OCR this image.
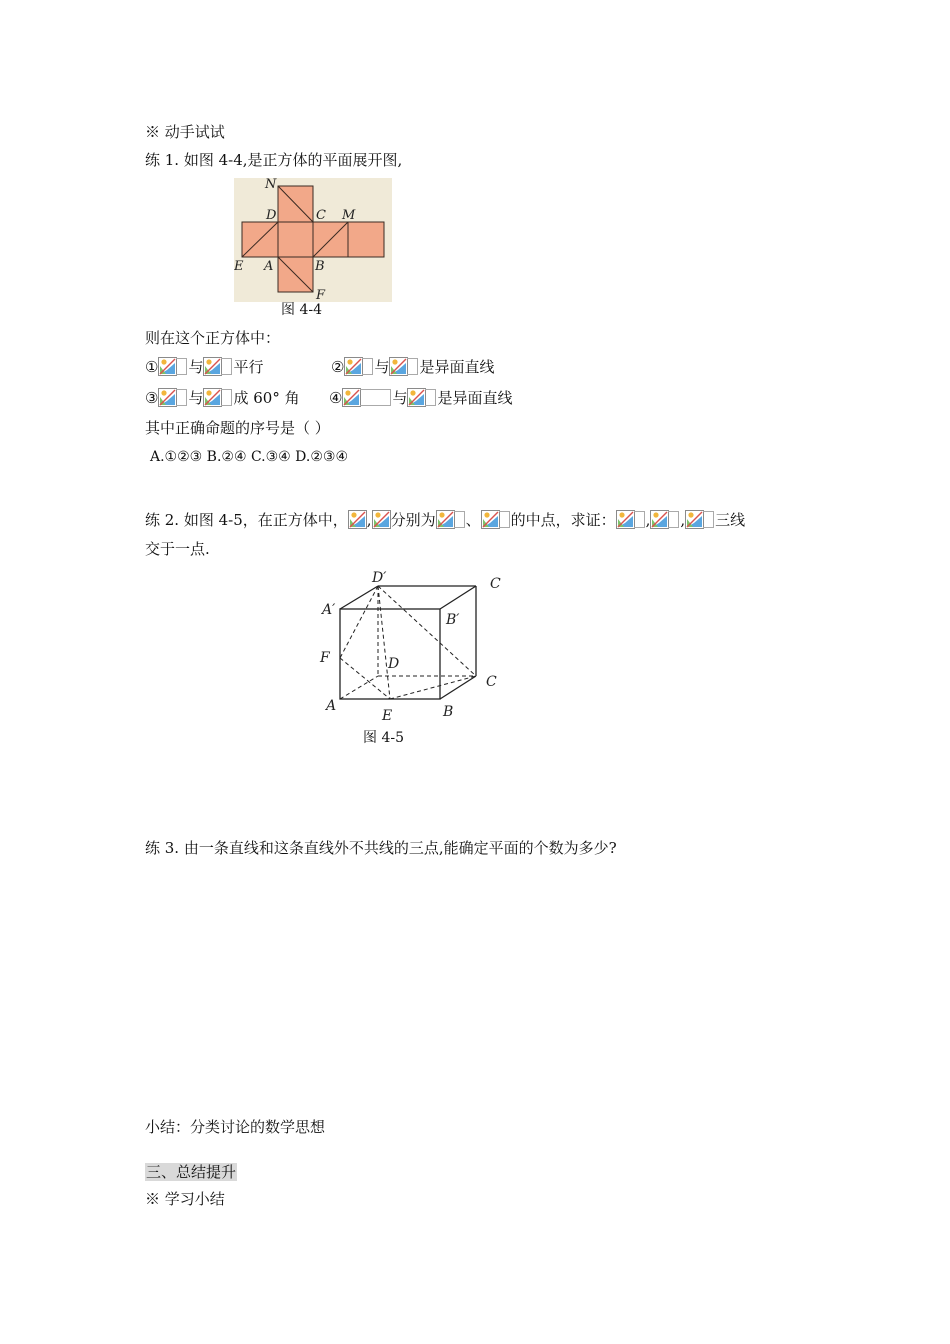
※ 动手试试
练 1. 如图 4-4,是正方体的平面展开图,
N
D	C M
E A	B
F
图 4-4
则在这个正方体中：
① 与 平行	② 与 是异面直线
③ 与 成 60° 角 ④	与 是异面直线
其中正确命题的序号是（ ）
A.①②③ B.②④ C.③④ D.②③④
练 2. 如图 4-5，在正方体中， , 分别为 、 的中点，求证： , , 三线
交于一点.
D′	C
A′
B′
F	D
C
A
E	B
图 4-5
练 3. 由一条直线和这条直线外不共线的三点,能确定平面的个数为多少?
小结：分类讨论的数学思想
三、总结提升
※ 学习小结
